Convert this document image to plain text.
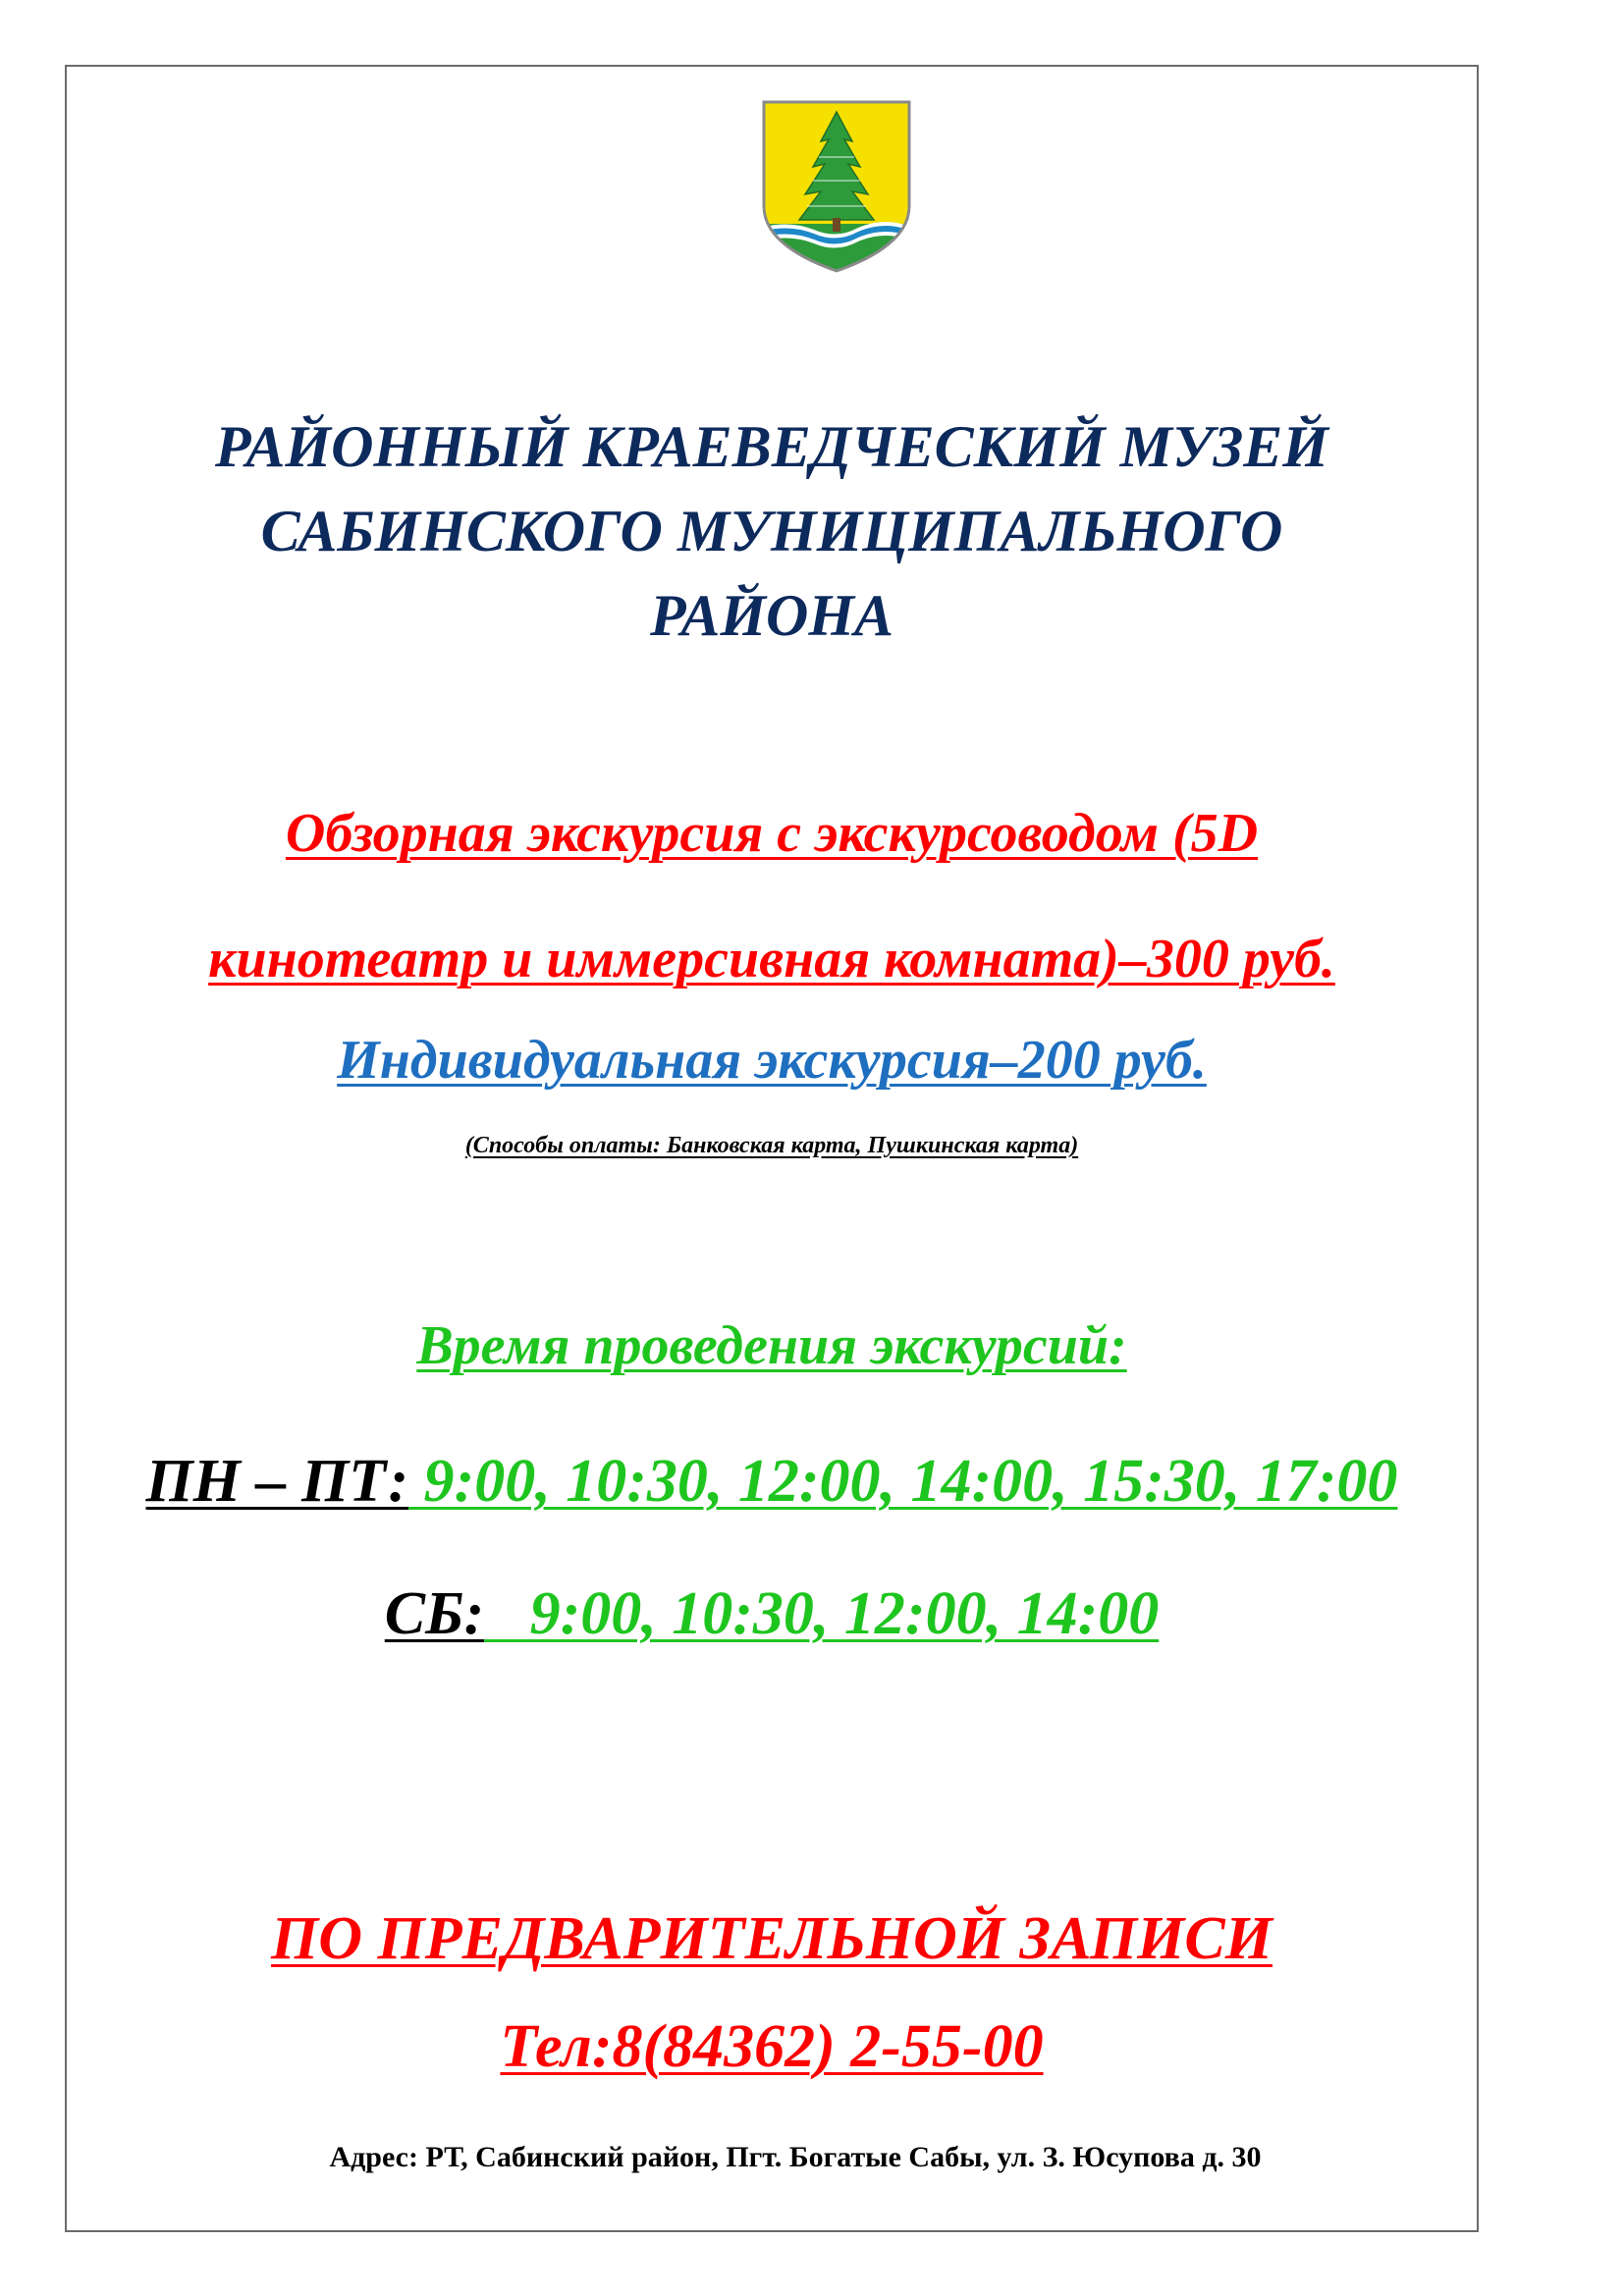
РАЙОННЫЙ КРАЕВЕДЧЕСКИЙ МУЗЕЙ
САБИНСКОГО МУНИЦИПАЛЬНОГО
РАЙОНА
Обзорная экскурсия с экскурсоводом (5D
кинотеатр и иммерсивная комната)–300 руб.
Индивидуальная экскурсия–200 руб.
(Способы оплаты: Банковская карта, Пушкинская карта)
Время проведения экскурсий:
ПН – ПТ: 9:00, 10:30, 12:00, 14:00, 15:30, 17:00
СБ:   9:00, 10:30, 12:00, 14:00
ПО ПРЕДВАРИТЕЛЬНОЙ ЗАПИСИ
Тел:8(84362) 2-55-00
Адрес: РТ, Сабинский район, Пгт. Богатые Сабы, ул. З. Юсупова д. 30
